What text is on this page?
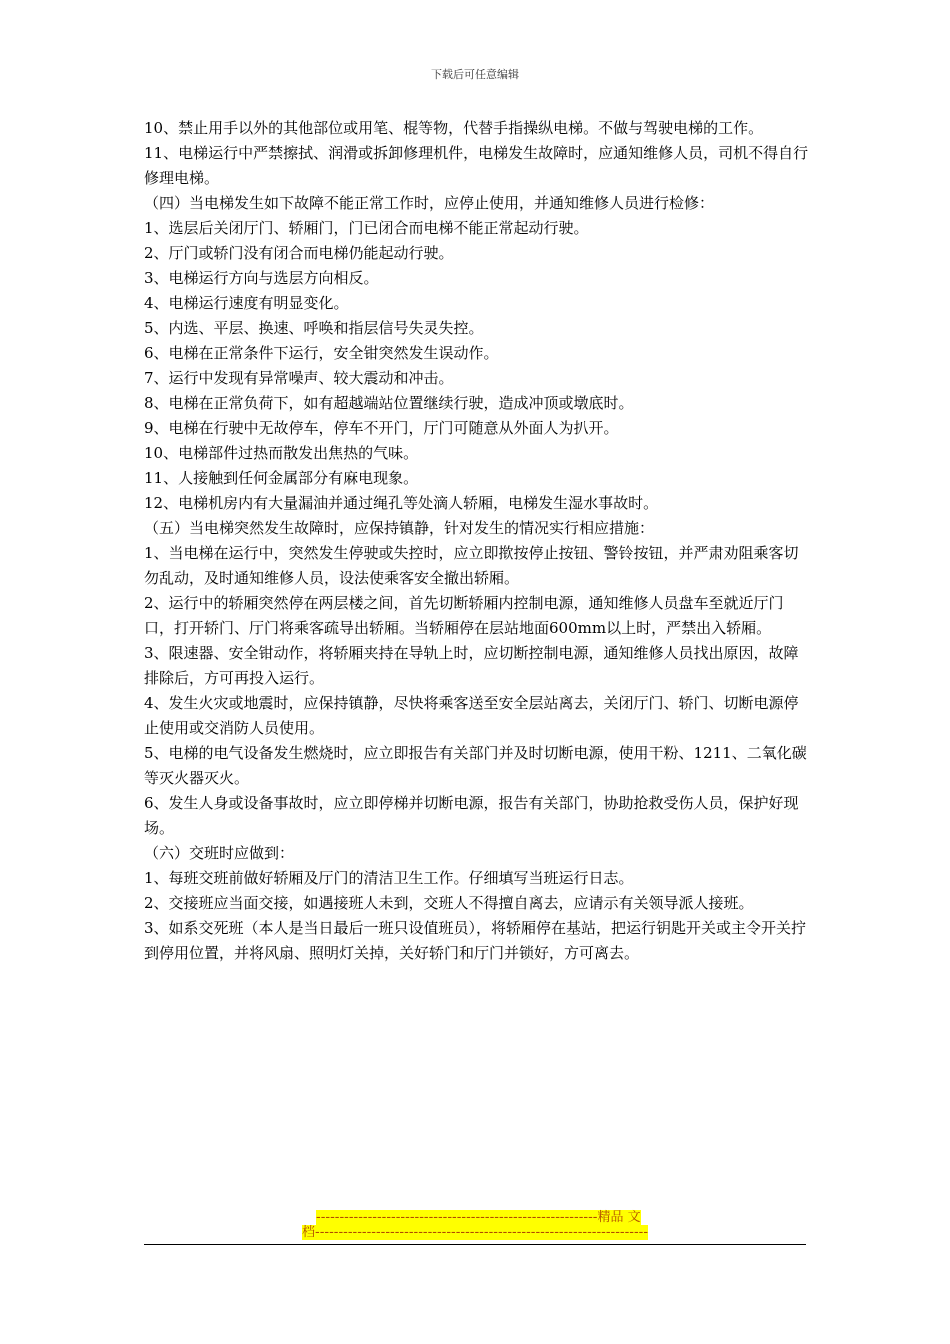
下载后可任意编辑

10、禁止用手以外的其他部位或用笔、棍等物，代替手指操纵电梯。不做与驾驶电梯的工作。

11、电梯运行中严禁擦拭、润滑或拆卸修理机件，电梯发生故障时，应通知维修人员，司机不得自行修理电梯。

（四）当电梯发生如下故障不能正常工作时，应停止使用，并通知维修人员进行检修：

1、选层后关闭厅门、轿厢门，门已闭合而电梯不能正常起动行驶。

2、厅门或轿门没有闭合而电梯仍能起动行驶。

3、电梯运行方向与选层方向相反。

4、电梯运行速度有明显变化。

5、内选、平层、换速、呼唤和指层信号失灵失控。

6、电梯在正常条件下运行，安全钳突然发生误动作。

7、运行中发现有异常噪声、较大震动和冲击。

8、电梯在正常负荷下，如有超越端站位置继续行驶，造成冲顶或墩底时。

9、电梯在行驶中无故停车，停车不开门，厅门可随意从外面人为扒开。

10、电梯部件过热而散发出焦热的气味。

11、人接触到任何金属部分有麻电现象。

12、电梯机房内有大量漏油并通过绳孔等处滴人轿厢，电梯发生湿水事故时。

（五）当电梯突然发生故障时，应保持镇静，针对发生的情况实行相应措施：

1、当电梯在运行中，突然发生停驶或失控时，应立即揿按停止按钮、警铃按钮，并严肃劝阻乘客切勿乱动，及时通知维修人员，设法使乘客安全撤出轿厢。

2、运行中的轿厢突然停在两层楼之间，首先切断轿厢内控制电源，通知维修人员盘车至就近厅门口，打开轿门、厅门将乘客疏导出轿厢。当轿厢停在层站地面600mm以上时，严禁出入轿厢。

3、限速器、安全钳动作，将轿厢夹持在导轨上时，应切断控制电源，通知维修人员找出原因，故障排除后，方可再投入运行。

4、发生火灾或地震时，应保持镇静，尽快将乘客送至安全层站离去，关闭厅门、轿门、切断电源停止使用或交消防人员使用。

5、电梯的电气设备发生燃烧时，应立即报告有关部门并及时切断电源，使用干粉、1211、二氧化碳等灭火器灭火。

6、发生人身或设备事故时，应立即停梯并切断电源，报告有关部门，协助抢救受伤人员，保护好现场。

（六）交班时应做到：

1、每班交班前做好轿厢及厅门的清洁卫生工作。仔细填写当班运行日志。

2、交接班应当面交接，如遇接班人未到，交班人不得擅自离去，应请示有关领导派人接班。

3、如系交死班（本人是当日最后一班只设值班员），将轿厢停在基站，把运行钥匙开关或主令开关拧到停用位置，并将风扇、照明灯关掉，关好轿门和厅门并锁好，方可离去。

------------------------------------------------------------精品 文
档-----------------------------------------------------------------------
